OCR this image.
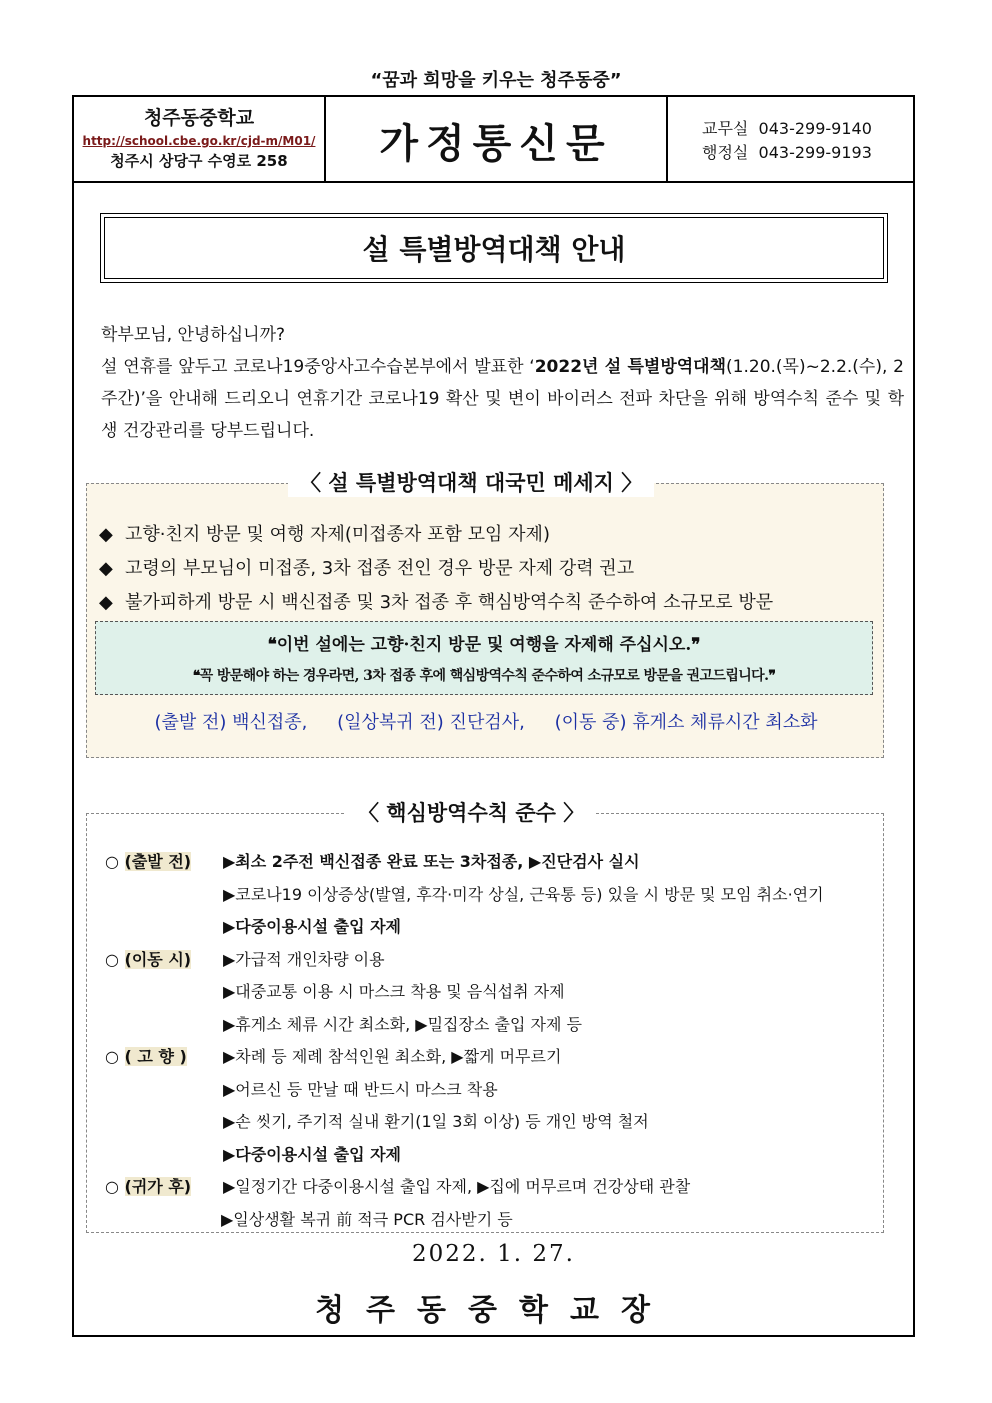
“꿈과 희망을 키우는 청주동중”
청주동중학교
http://school.cbe.go.kr/cjd-m/M01/
청주시 상당구 수영로 258	가정통신문	교무실 043-299-9140
행정실 043-299-9193
설 특별방역대책 안내

학부모님, 안녕하십니까?

설 연휴를 앞두고 코로나19중앙사고수습본부에서 발표한 ‘2022년 설 특별방역대책(1.20.(목)~2.2.(수), 2주간)’을 안내해 드리오니 연휴기간 코로나19 확산 및 변이 바이러스 전파 차단을 위해 방역수칙 준수 및 학생 건강관리를 당부드립니다.

◆ 고향·친지 방문 및 여행 자제(미접종자 포함 모임 자제)
◆ 고령의 부모님이 미접종, 3차 접종 전인 경우 방문 자제 강력 권고
◆ 불가피하게 방문 시 백신접종 및 3차 접종 후 핵심방역수칙 준수하여 소규모로 방문
❝이번 설에는 고향·친지 방문 및 여행을 자제해 주십시오.❞
❝꼭 방문해야 하는 경우라면, 3차 접종 후에 핵심방역수칙 준수하여 소규모로 방문을 권고드립니다.❞
(출발 전) 백신접종, (일상복귀 전) 진단검사, (이동 중) 휴게소 체류시간 최소화
〈 설 특별방역대책 대국민 메세지 〉
○ (출발 전) ▶최소 2주전 백신접종 완료 또는 3차접종, ▶진단검사 실시
▶코로나19 이상증상(발열, 후각·미각 상실, 근육통 등) 있을 시 방문 및 모임 취소·연기
▶다중이용시설 출입 자제
○ (이동 시) ▶가급적 개인차량 이용
▶대중교통 이용 시 마스크 착용 및 음식섭취 자제
▶휴게소 체류 시간 최소화, ▶밀집장소 출입 자제 등
○ ( 고 향 ) ▶차례 등 제례 참석인원 최소화, ▶짧게 머무르기
▶어르신 등 만날 때 반드시 마스크 착용
▶손 씻기, 주기적 실내 환기(1일 3회 이상) 등 개인 방역 철저
▶다중이용시설 출입 자제
○ (귀가 후) ▶일정기간 다중이용시설 출입 자제, ▶집에 머무르며 건강상태 관찰
▶일상생활 복귀 前 적극 PCR 검사받기 등
〈 핵심방역수칙 준수 〉
2022. 1. 27.
청주동중학교장
